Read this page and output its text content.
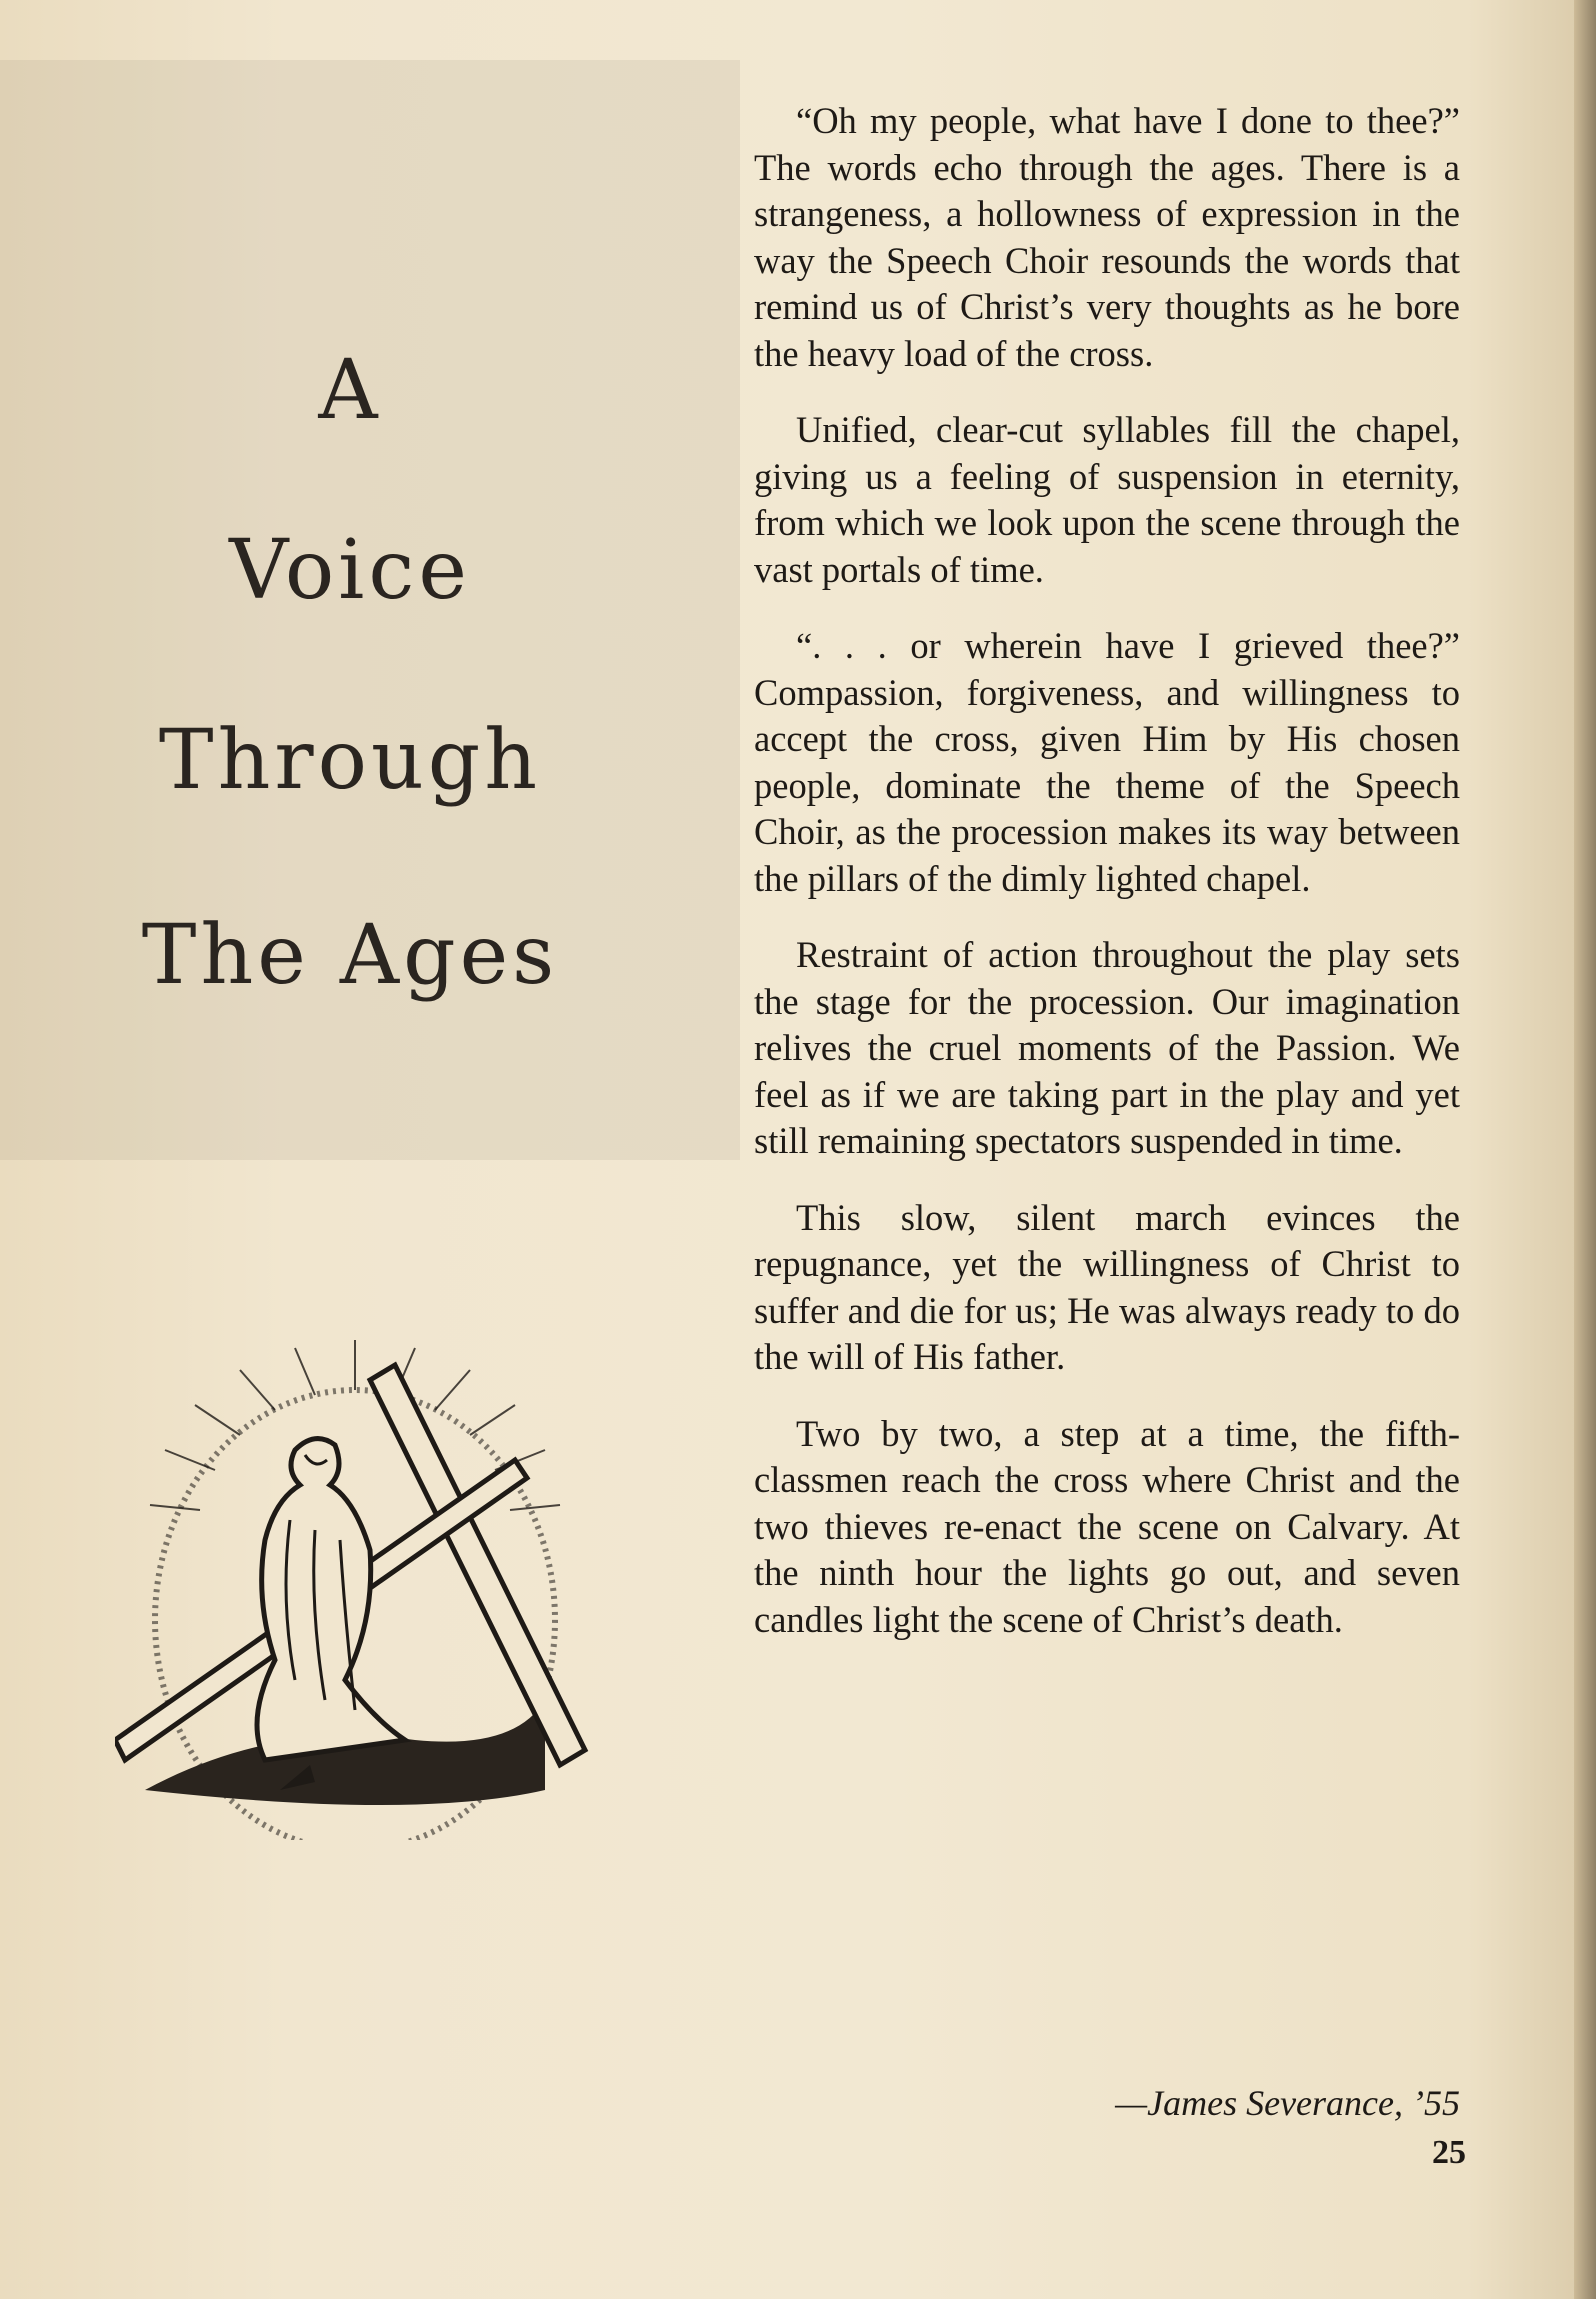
A
Voice
Through
The Ages

“Oh my people, what have I done to thee?” The words echo through the ages. There is a strangeness, a hollowness of expression in the way the Speech Choir resounds the words that remind us of Christ’s very thoughts as he bore the heavy load of the cross.

Unified, clear-cut syllables fill the chapel, giving us a feeling of suspension in eternity, from which we look upon the scene through the vast portals of time.

“. . . or wherein have I grieved thee?” Compassion, forgiveness, and willingness to accept the cross, given Him by His chosen people, dominate the theme of the Speech Choir, as the procession makes its way between the pillars of the dimly lighted chapel.

Restraint of action throughout the play sets the stage for the procession. Our imagination relives the cruel moments of the Passion. We feel as if we are taking part in the play and yet still remaining spectators suspended in time.

This slow, silent march evinces the repugnance, yet the willingness of Christ to suffer and die for us; He was always ready to do the will of His father.

Two by two, a step at a time, the fifth-classmen reach the cross where Christ and the two thieves re-enact the scene on Calvary. At the ninth hour the lights go out, and seven candles light the scene of Christ’s death.

—James Severance, ’55
25
